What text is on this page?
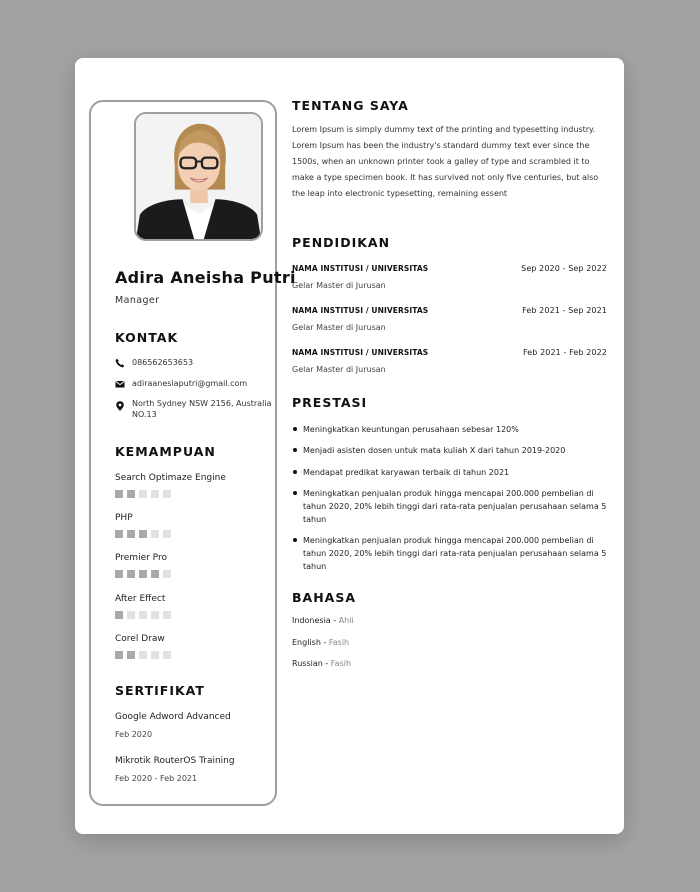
Adira Aneisha Putri
Manager
KONTAK
086562653653
adiraanesiaputri@gmail.com
North Sydney NSW 2156, Australia NO.13
KEMAMPUAN
Search Optimaze Engine
PHP
Premier Pro
After Effect
Corel Draw
SERTIFIKAT
Google Adword Advanced
Feb 2020
Mikrotik RouterOS Training
Feb 2020 - Feb 2021
TENTANG SAYA
Lorem Ipsum is simply dummy text of the printing and typesetting industry. Lorem Ipsum has been the industry's standard dummy text ever since the 1500s, when an unknown printer took a galley of type and scrambled it to make a type specimen book. It has survived not only five centuries, but also the leap into electronic typesetting, remaining essent
PENDIDIKAN
NAMA INSTITUSI / UNIVERSITAS	Sep 2020 - Sep 2022
Gelar Master di Jurusan
NAMA INSTITUSI / UNIVERSITAS	Feb 2021 - Sep 2021
Gelar Master di Jurusan
NAMA INSTITUSI / UNIVERSITAS	Feb 2021 - Feb 2022
Gelar Master di Jurusan
PRESTASI
Meningkatkan keuntungan perusahaan sebesar 120%
Menjadi asisten dosen untuk mata kuliah X dari tahun 2019-2020
Mendapat predikat karyawan terbaik di tahun 2021
Meningkatkan penjualan produk hingga mencapai 200.000 pembelian di tahun 2020, 20% lebih tinggi dari rata-rata penjualan perusahaan selama 5 tahun
Meningkatkan penjualan produk hingga mencapai 200.000 pembelian di tahun 2020, 20% lebih tinggi dari rata-rata penjualan perusahaan selama 5 tahun
BAHASA
Indonesia - Ahli
English - Fasih
Russian - Fasih
